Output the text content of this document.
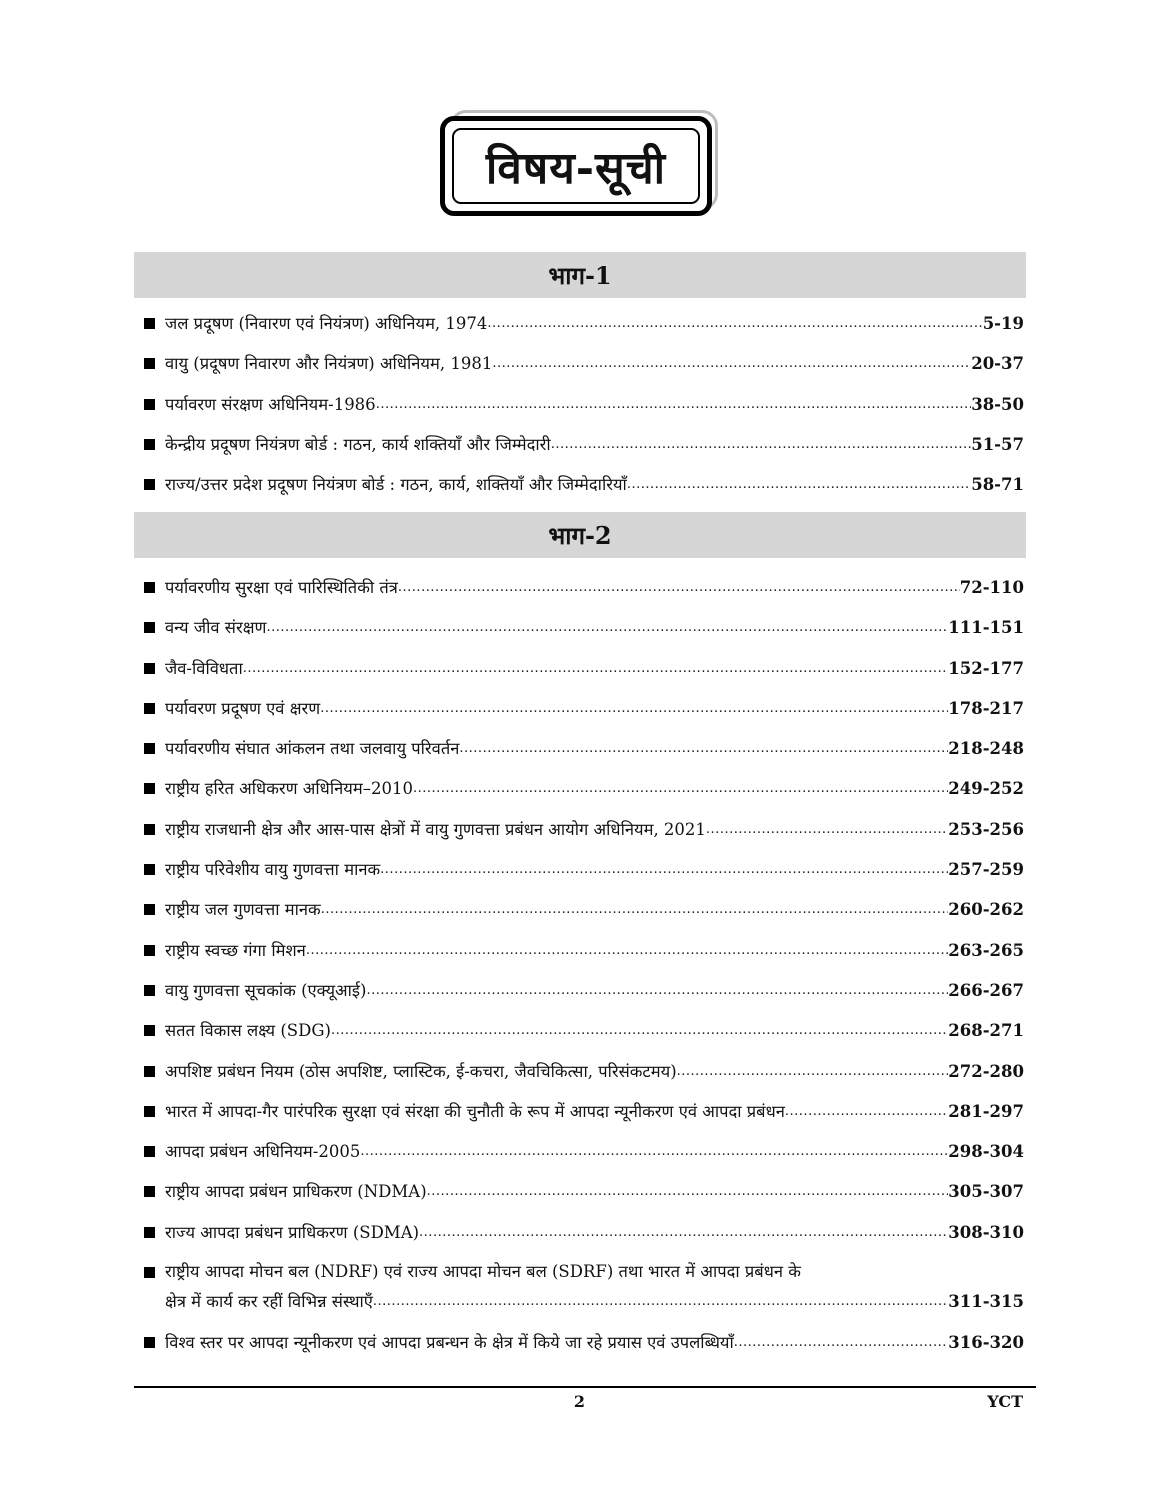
विषय-सूची
भाग-1
जल प्रदूषण (निवारण एवं नियंत्रण) अधिनियम, 1974 .....	5-19
वायु (प्रदूषण निवारण और नियंत्रण) अधिनियम, 1981 .....	20-37
पर्यावरण संरक्षण अधिनियम-1986 .....	38-50
केन्द्रीय प्रदूषण नियंत्रण बोर्ड : गठन, कार्य शक्तियाँ और जिम्मेदारी .....	51-57
राज्य/उत्तर प्रदेश प्रदूषण नियंत्रण बोर्ड : गठन, कार्य, शक्तियाँ और जिम्मेदारियाँ .....	58-71
भाग-2
पर्यावरणीय सुरक्षा एवं पारिस्थितिकी तंत्र .....	72-110
वन्य जीव संरक्षण .....	111-151
जैव-विविधता .....	152-177
पर्यावरण प्रदूषण एवं क्षरण .....	178-217
पर्यावरणीय संघात आंकलन तथा जलवायु परिवर्तन .....	218-248
राष्ट्रीय हरित अधिकरण अधिनियम–2010 .....	249-252
राष्ट्रीय राजधानी क्षेत्र और आस-पास क्षेत्रों में वायु गुणवत्ता प्रबंधन आयोग अधिनियम, 2021 .....	253-256
राष्ट्रीय परिवेशीय वायु गुणवत्ता मानक .....	257-259
राष्ट्रीय जल गुणवत्ता मानक .....	260-262
राष्ट्रीय स्वच्छ गंगा मिशन .....	263-265
वायु गुणवत्ता सूचकांक (एक्यूआई) .....	266-267
सतत विकास लक्ष्य (SDG) .....	268-271
अपशिष्ट प्रबंधन नियम (ठोस अपशिष्ट, प्लास्टिक, ई-कचरा, जैवचिकित्सा, परिसंकटमय) .....	272-280
भारत में आपदा-गैर पारंपरिक सुरक्षा एवं संरक्षा की चुनौती के रूप में आपदा न्यूनीकरण एवं आपदा प्रबंधन .....	281-297
आपदा प्रबंधन अधिनियम-2005 .....	298-304
राष्ट्रीय आपदा प्रबंधन प्राधिकरण (NDMA) .....	305-307
राज्य आपदा प्रबंधन प्राधिकरण (SDMA) .....	308-310
राष्ट्रीय आपदा मोचन बल (NDRF) एवं राज्य आपदा मोचन बल (SDRF) तथा भारत में आपदा प्रबंधन के
क्षेत्र में कार्य कर रहीं विभिन्न संस्थाएँ .....	311-315
विश्व स्तर पर आपदा न्यूनीकरण एवं आपदा प्रबन्धन के क्षेत्र में किये जा रहे प्रयास एवं उपलब्धियाँ .....	316-320
2	YCT
